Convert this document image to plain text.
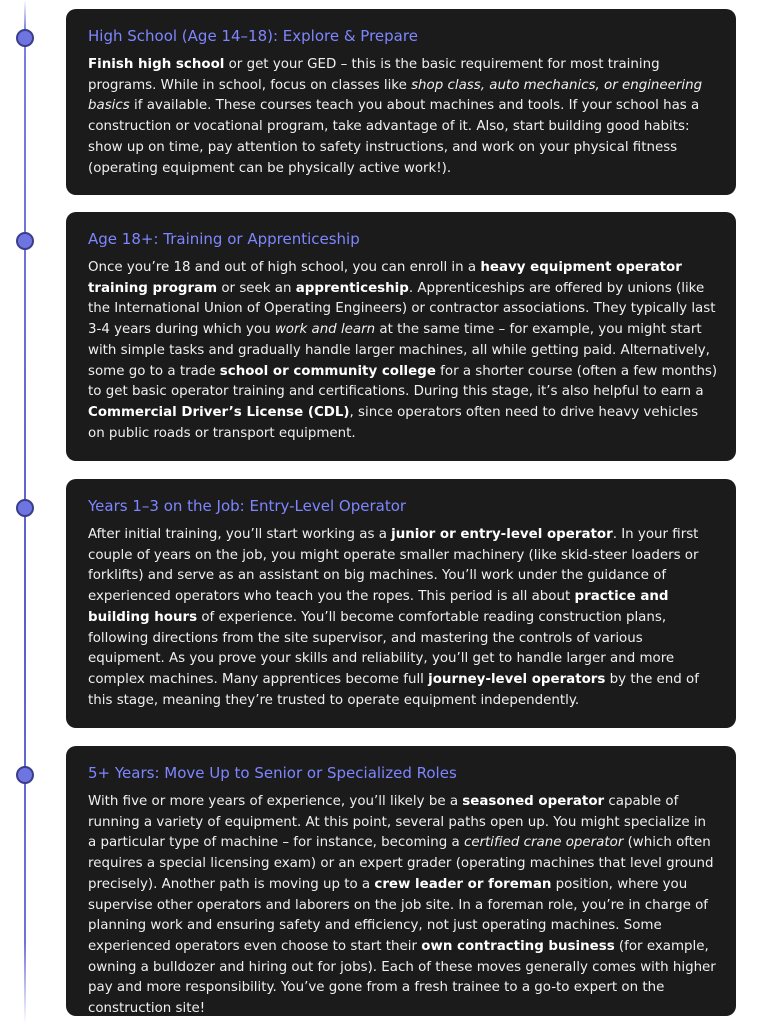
High School (Age 14–18): Explore & Prepare

Finish high school or get your GED – this is the basic requirement for most training programs. While in school, focus on classes like shop class, auto mechanics, or engineering basics if available. These courses teach you about machines and tools. If your school has a construction or vocational program, take advantage of it. Also, start building good habits: show up on time, pay attention to safety instructions, and work on your physical fitness (operating equipment can be physically active work!).

Age 18+: Training or Apprenticeship

Once you’re 18 and out of high school, you can enroll in a heavy equipment operator training program or seek an apprenticeship. Apprenticeships are offered by unions (like the International Union of Operating Engineers) or contractor associations. They typically last 3-4 years during which you work and learn at the same time – for example, you might start with simple tasks and gradually handle larger machines, all while getting paid. Alternatively, some go to a trade school or community college for a shorter course (often a few months) to get basic operator training and certifications. During this stage, it’s also helpful to earn a Commercial Driver’s License (CDL), since operators often need to drive heavy vehicles on public roads or transport equipment.

Years 1–3 on the Job: Entry-Level Operator

After initial training, you’ll start working as a junior or entry-level operator. In your first couple of years on the job, you might operate smaller machinery (like skid-steer loaders or forklifts) and serve as an assistant on big machines. You’ll work under the guidance of experienced operators who teach you the ropes. This period is all about practice and building hours of experience. You’ll become comfortable reading construction plans, following directions from the site supervisor, and mastering the controls of various equipment. As you prove your skills and reliability, you’ll get to handle larger and more complex machines. Many apprentices become full journey-level operators by the end of this stage, meaning they’re trusted to operate equipment independently.

5+ Years: Move Up to Senior or Specialized Roles

With five or more years of experience, you’ll likely be a seasoned operator capable of running a variety of equipment. At this point, several paths open up. You might specialize in a particular type of machine – for instance, becoming a certified crane operator (which often requires a special licensing exam) or an expert grader (operating machines that level ground precisely). Another path is moving up to a crew leader or foreman position, where you supervise other operators and laborers on the job site. In a foreman role, you’re in charge of planning work and ensuring safety and efficiency, not just operating machines. Some experienced operators even choose to start their own contracting business (for example, owning a bulldozer and hiring out for jobs). Each of these moves generally comes with higher pay and more responsibility. You’ve gone from a fresh trainee to a go-to expert on the construction site!
